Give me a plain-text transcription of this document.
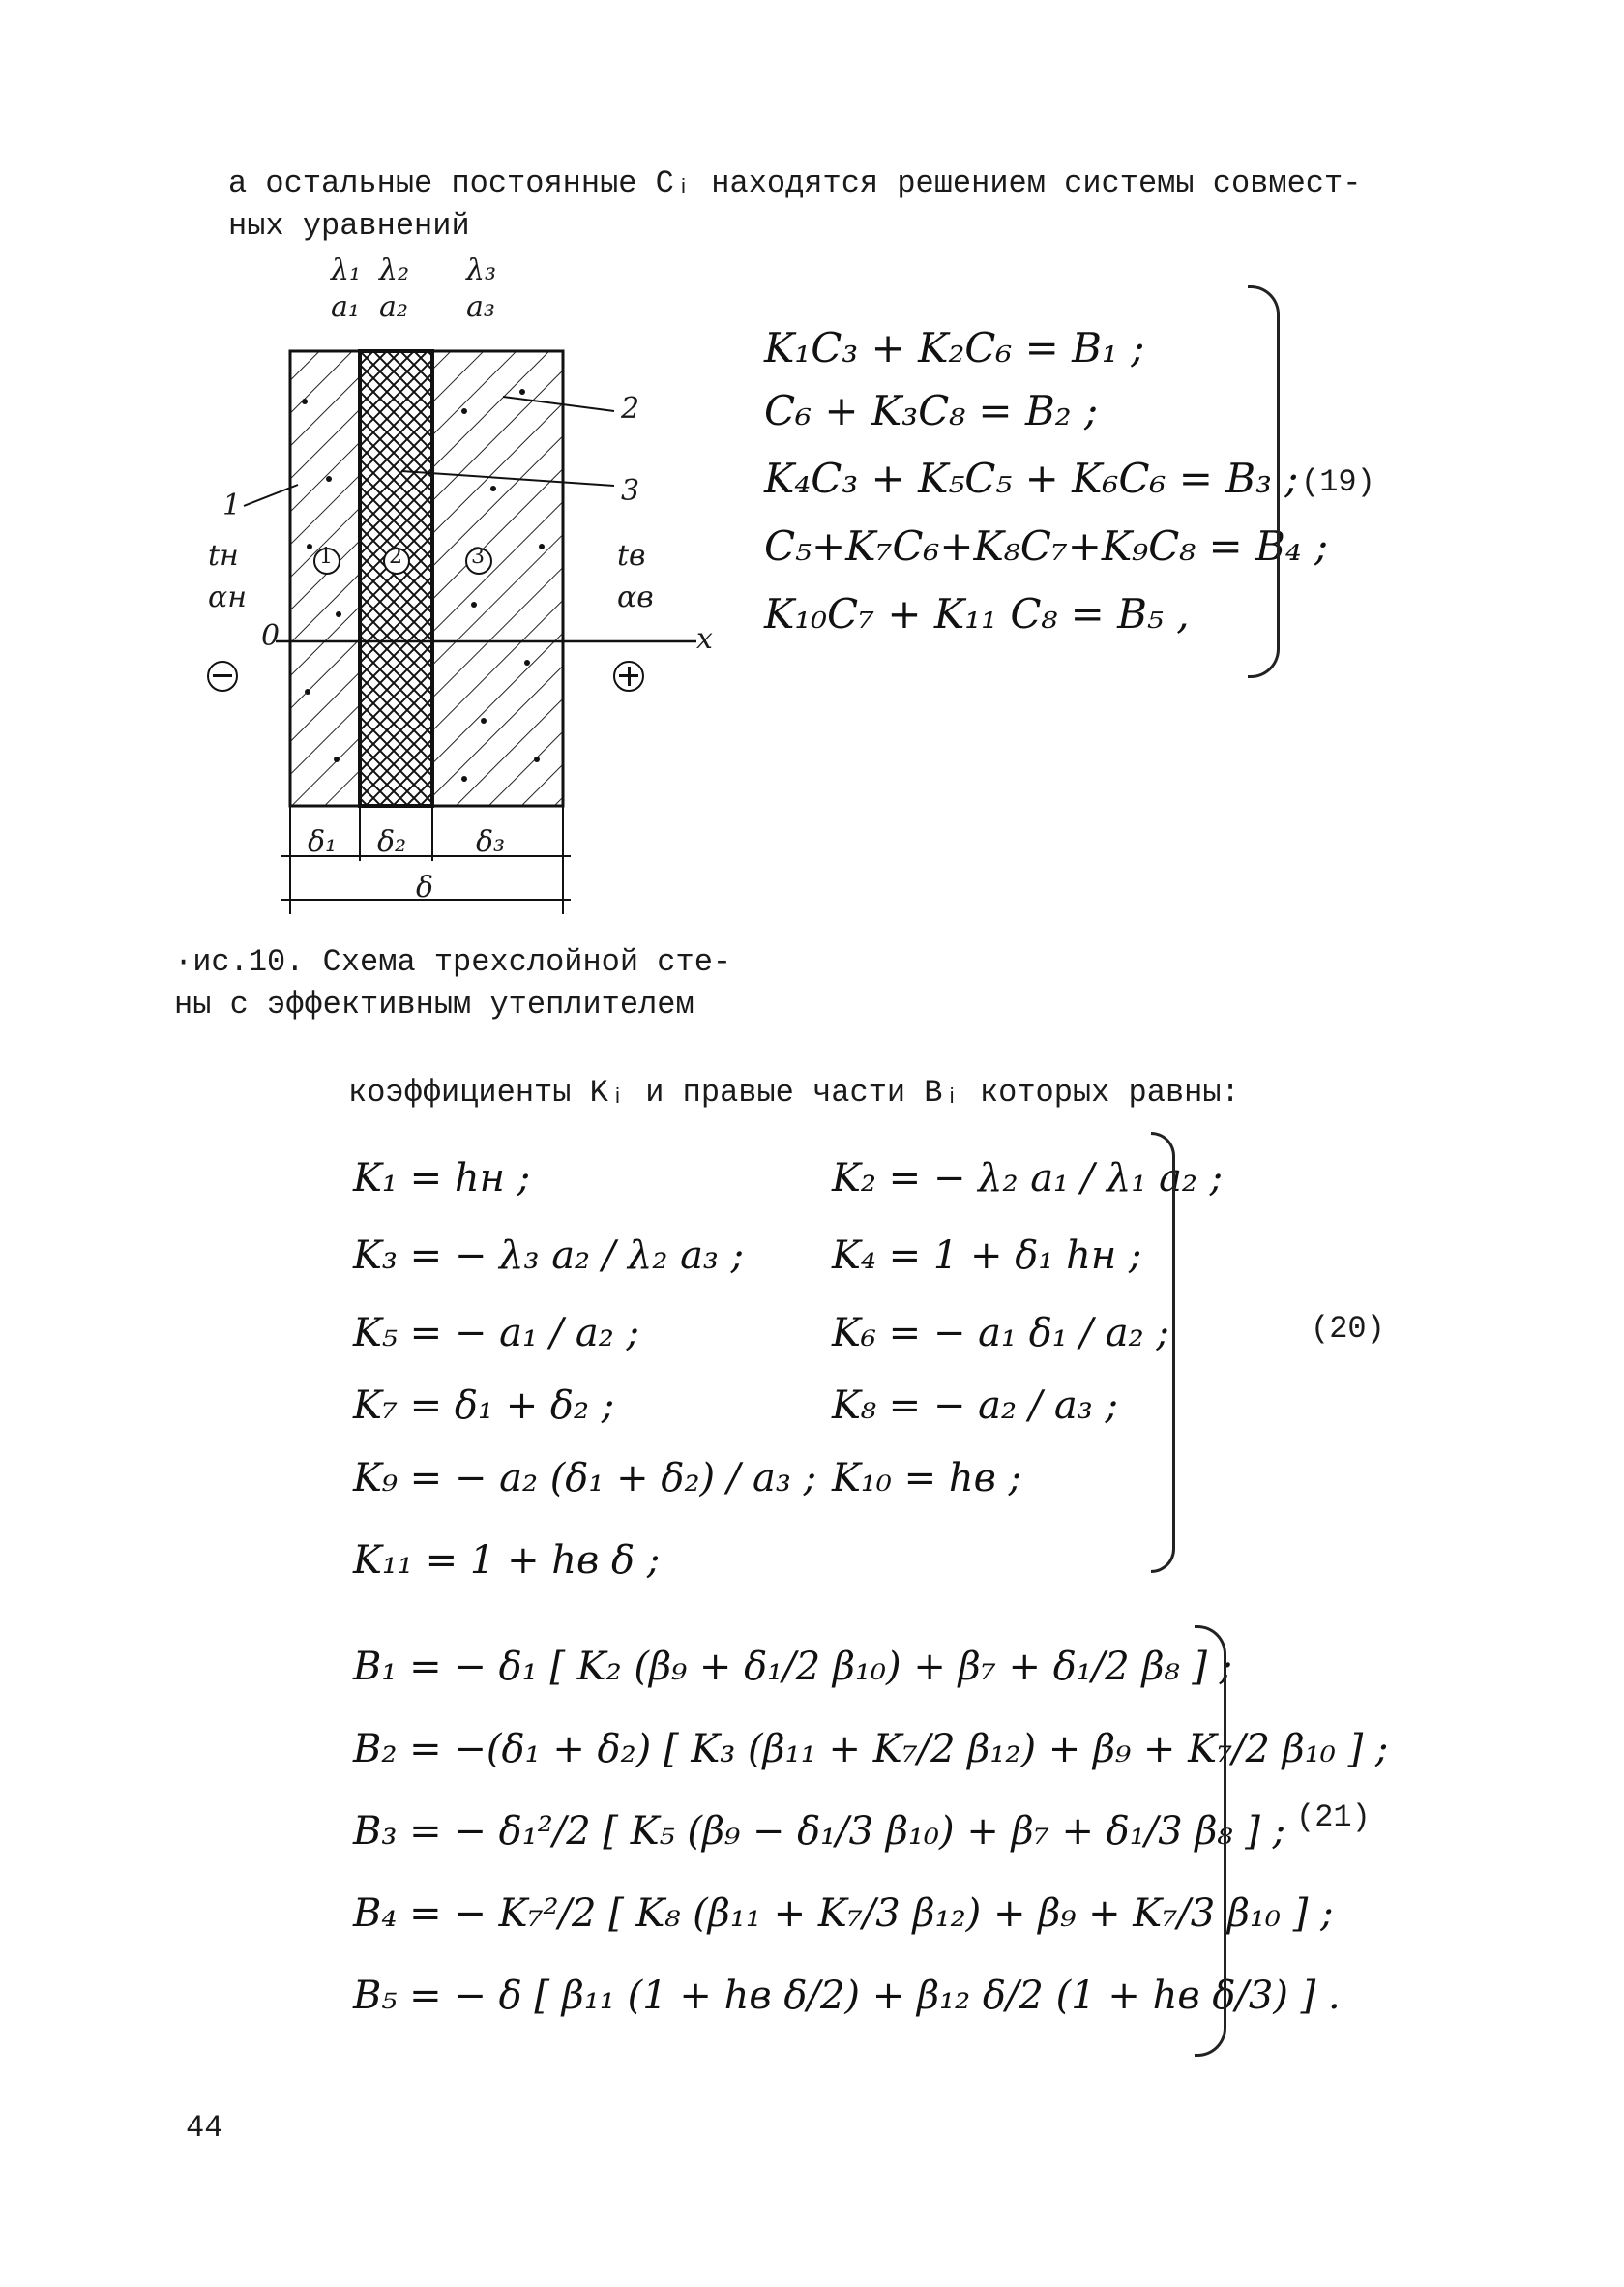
а остальные постоянные Cᵢ находятся решением системы совмест-
ных уравнений
λ₁ λ₂ λ₃
a₁ a₂ a₃
1	2	3
1
2
3
tн
αн
tв
αв
0	x
δ₁ δ₂ δ₃
δ
·ис.10. Схема трехслойной сте-
ны с эффективным утеплителем
K₁C₃ + K₂C₆ = B₁ ;
C₆ + K₃C₈ = B₂ ;
K₄C₃ + K₅C₅ + K₆C₆ = B₃ ;
C₅+K₇C₆+K₈C₇+K₉C₈ = B₄ ;
K₁₀C₇ + K₁₁ C₈ = B₅ ,
(19)
коэффициенты Kᵢ и правые части Bᵢ которых равны:
K₁ = hн ;
K₃ = − λ₃ a₂ / λ₂ a₃ ;
K₅ = − a₁ / a₂ ;
K₇ = δ₁ + δ₂ ;
K₉ = − a₂ (δ₁ + δ₂) / a₃ ;
K₁₁ = 1 + hв δ ;
K₂ = − λ₂ a₁ / λ₁ a₂ ;
K₄ = 1 + δ₁ hн ;
K₆ = − a₁ δ₁ / a₂ ;
K₈ = − a₂ / a₃ ;
K₁₀ = hв ;
(20)
B₁ = − δ₁ [ K₂ (β₉ + δ₁/2 β₁₀) + β₇ + δ₁/2 β₈ ] ;
B₂ = −(δ₁ + δ₂) [ K₃ (β₁₁ + K₇/2 β₁₂) + β₉ + K₇/2 β₁₀ ] ;
B₃ = − δ₁²/2 [ K₅ (β₉ − δ₁/3 β₁₀) + β₇ + δ₁/3 β₈ ] ;
B₄ = − K₇²/2 [ K₈ (β₁₁ + K₇/3 β₁₂) + β₉ + K₇/3 β₁₀ ] ;
B₅ = − δ [ β₁₁ (1 + hв δ/2) + β₁₂ δ/2 (1 + hв δ/3) ] .
(21)
44
